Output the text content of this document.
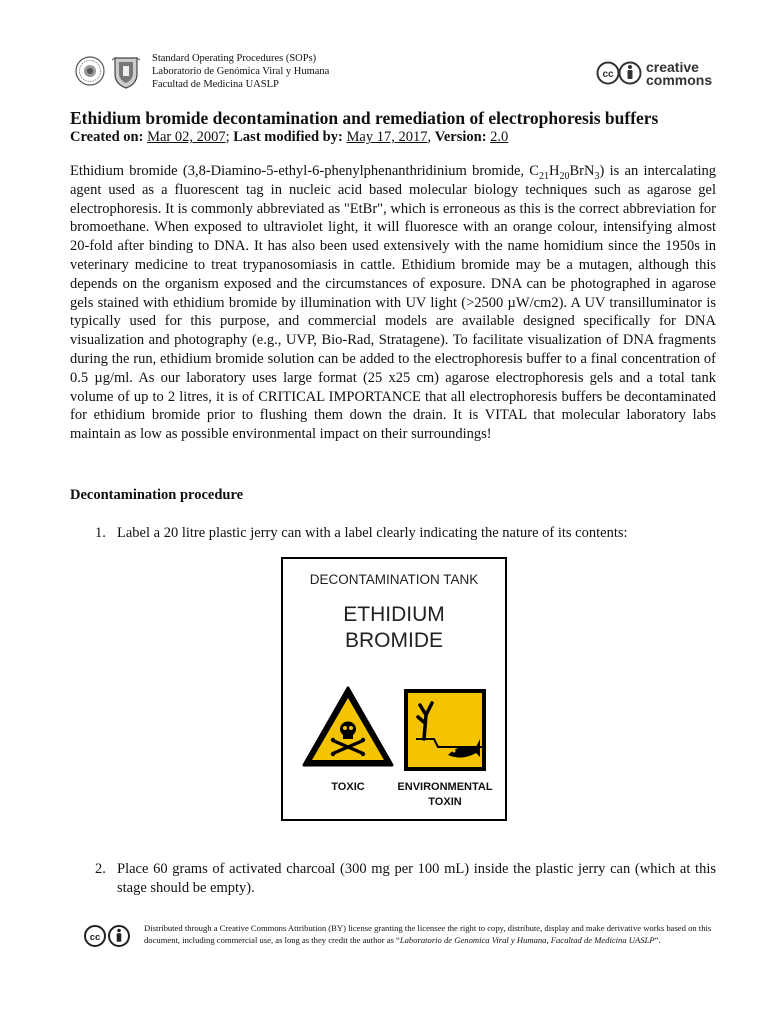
Standard Operating Procedures (SOPs)
Laboratorio de Genómica Viral y Humana
Facultad de Medicina UASLP
cc creative
commons
Ethidium bromide decontamination and remediation of electrophoresis buffers
Created on: Mar 02, 2007; Last modified by: May 17, 2017, Version: 2.0

Ethidium bromide (3,8-Diamino-5-ethyl-6-phenylphenanthridinium bromide, $C_{21}H_{20}BrN_3$) is an intercalating agent used as a fluorescent tag in nucleic acid based molecular biology techniques such as agarose gel electrophoresis. It is commonly abbreviated as "EtBr", which is erroneous as this is the correct abbreviation for bromoethane. When exposed to ultraviolet light, it will fluoresce with an orange colour, intensifying almost 20-fold after binding to DNA. It has also been used extensively with the name homidium since the 1950s in veterinary medicine to treat trypanosomiasis in cattle. Ethidium bromide may be a mutagen, although this depends on the organism exposed and the circumstances of exposure. DNA can be photographed in agarose gels stained with ethidium bromide by illumination with UV light (>2500 µW/cm2). A UV transilluminator is typically used for this purpose, and commercial models are available designed specifically for DNA visualization and photography (e.g., UVP, Bio-Rad, Stratagene). To facilitate visualization of DNA fragments during the run, ethidium bromide solution can be added to the electrophoresis buffer to a final concentration of 0.5 µg/ml. As our laboratory uses large format (25 x25 cm) agarose electrophoresis gels and a total tank volume of up to 2 litres, it is of CRITICAL IMPORTANCE that all electrophoresis buffers be decontaminated for ethidium bromide prior to flushing them down the drain. It is VITAL that molecular laboratory labs maintain as low as possible environmental impact on their surroundings!

Decontamination procedure
1. Label a 20 litre plastic jerry can with a label clearly indicating the nature of its contents:
DECONTAMINATION TANK
ETHIDIUM
BROMIDE
TOXIC	ENVIRONMENTAL
TOXIN
2. Place 60 grams of activated charcoal (300 mg per 100 mL) inside the plastic jerry can (which at this stage should be empty).
cc
Distributed through a Creative Commons Attribution (BY) license granting the licensee the right to copy, distribute, display and make derivative works based on this document, including commercial use, as long as they credit the author as “Laboratorio de Genomica Viral y Humana, Facultad de Medicina UASLP”.
